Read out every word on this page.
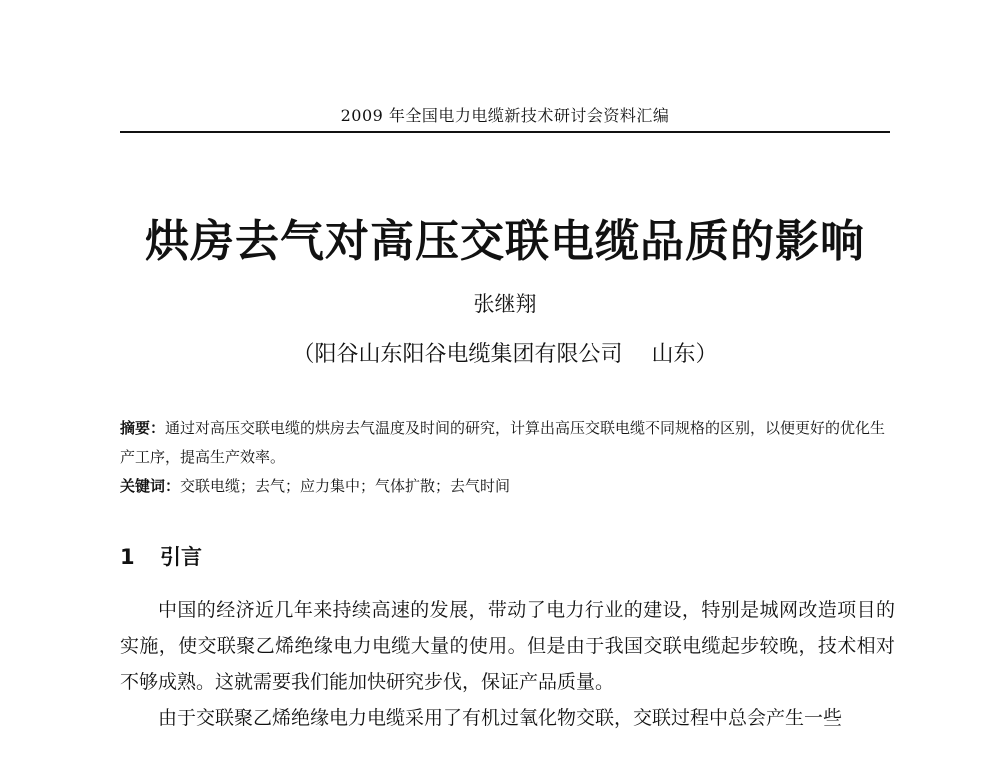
2009 年全国电力电缆新技术研讨会资料汇编
烘房去气对高压交联电缆品质的影响
张继翔
（阳谷山东阳谷电缆集团有限公司　 山东）
摘要：通过对高压交联电缆的烘房去气温度及时间的研究，计算出高压交联电缆不同规格的区别，以便更好的优化生产工序，提高生产效率。
关键词：交联电缆；去气；应力集中；气体扩散；去气时间
1 引言

中国的经济近几年来持续高速的发展，带动了电力行业的建设，特别是城网改造项目的实施，使交联聚乙烯绝缘电力电缆大量的使用。但是由于我国交联电缆起步较晚，技术相对不够成熟。这就需要我们能加快研究步伐，保证产品质量。

由于交联聚乙烯绝缘电力电缆采用了有机过氧化物交联，交联过程中总会产生一些
